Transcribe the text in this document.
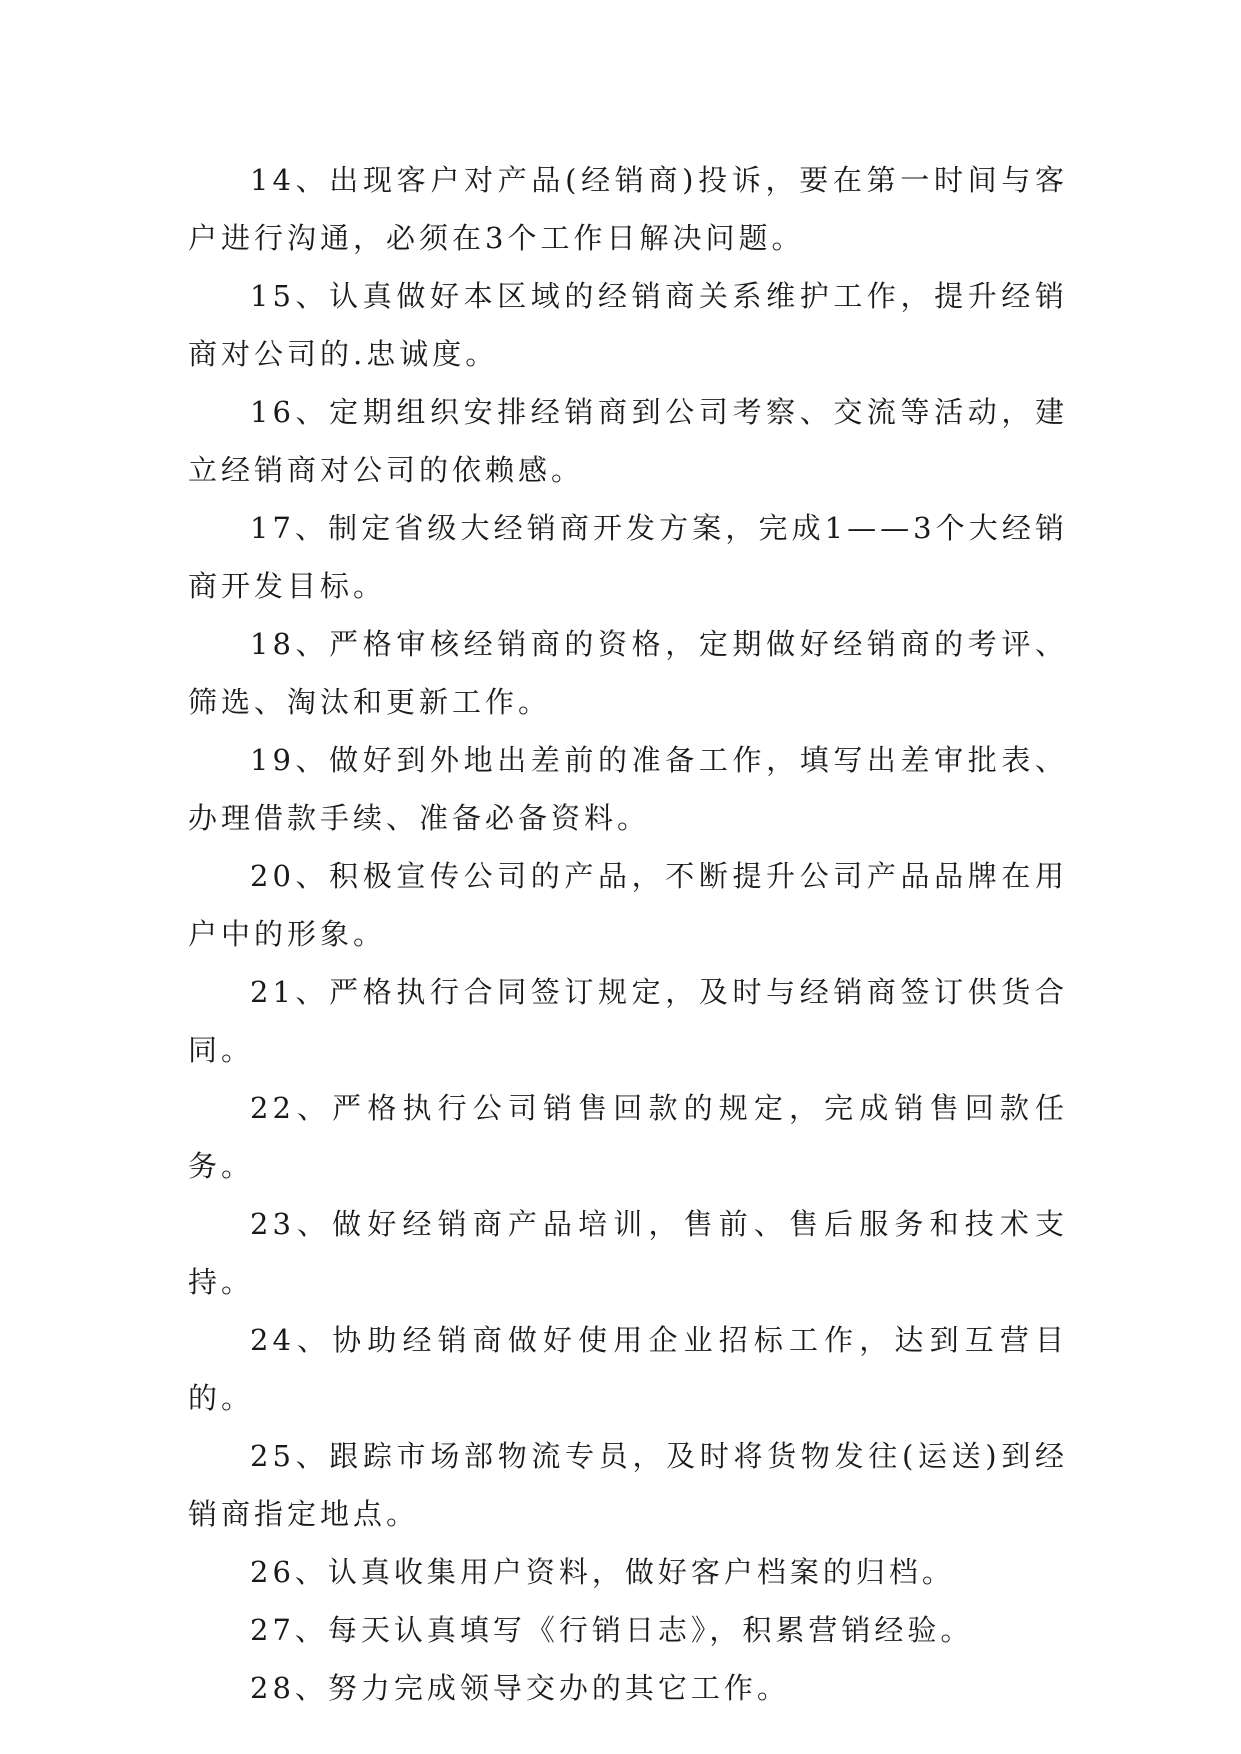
14、出现客户对产品(经销商)投诉，要在第一时间与客户进行沟通，必须在3个工作日解决问题。

15、认真做好本区域的经销商关系维护工作，提升经销商对公司的.忠诚度。

16、定期组织安排经销商到公司考察、交流等活动，建立经销商对公司的依赖感。

17、制定省级大经销商开发方案，完成1——3个大经销商开发目标。

18、严格审核经销商的资格，定期做好经销商的考评、筛选、淘汰和更新工作。

19、做好到外地出差前的准备工作，填写出差审批表、办理借款手续、准备必备资料。

20、积极宣传公司的产品，不断提升公司产品品牌在用户中的形象。

21、严格执行合同签订规定，及时与经销商签订供货合同。

22、严格执行公司销售回款的规定，完成销售回款任务。

23、做好经销商产品培训，售前、售后服务和技术支持。

24、协助经销商做好使用企业招标工作，达到互营目的。

25、跟踪市场部物流专员，及时将货物发往(运送)到经销商指定地点。

26、认真收集用户资料，做好客户档案的归档。

27、每天认真填写《行销日志》，积累营销经验。

28、努力完成领导交办的其它工作。
